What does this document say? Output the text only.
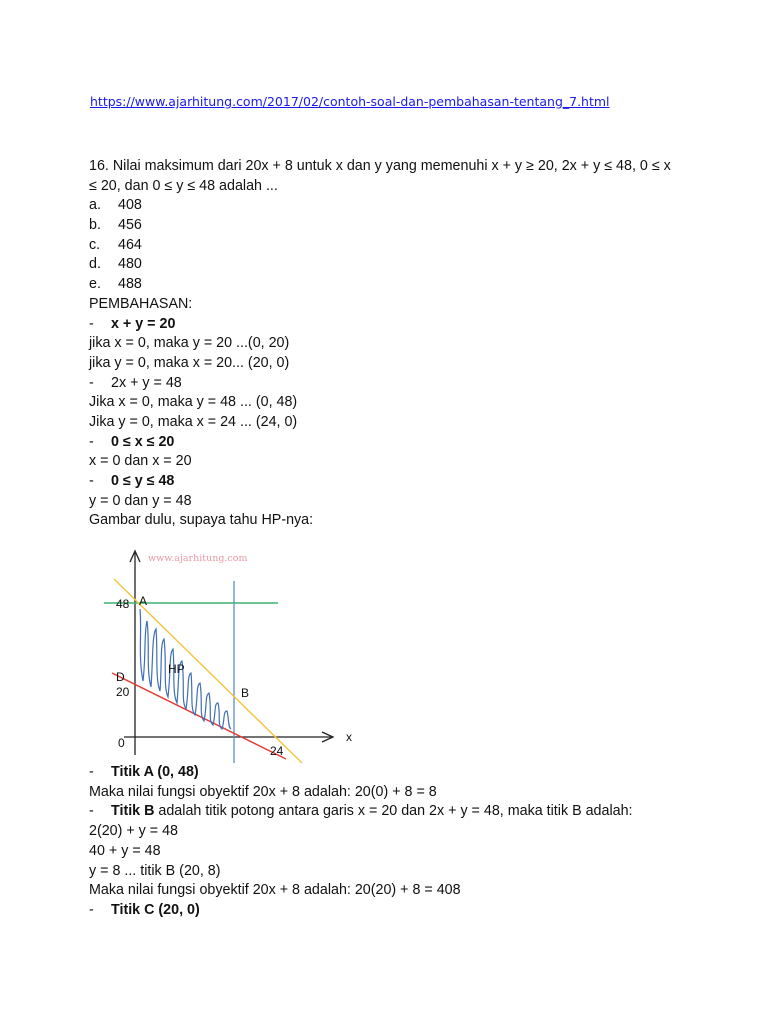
https://www.ajarhitung.com/2017/02/contoh-soal-dan-pembahasan-tentang_7.html
16. Nilai maksimum dari 20x + 8 untuk x dan y yang memenuhi x + y ≥ 20, 2x + y ≤ 48, 0 ≤ x
≤ 20, dan 0 ≤ y ≤ 48 adalah ...
a. 408
b. 456
c. 464
d. 480
e. 488
PEMBAHASAN:
- x + y = 20
jika x = 0, maka y = 20 ...(0, 20)
jika y = 0, maka x = 20... (20, 0)
- 2x + y = 48
Jika x = 0, maka y = 48 ... (0, 48)
Jika y = 0, maka x = 24 ... (24, 0)
- 0 ≤ x ≤ 20
x = 0 dan x = 20
- 0 ≤ y ≤ 48
y = 0 dan y = 48
Gambar dulu, supaya tahu HP-nya:
www.ajarhitung.com
48 A
D
20
HP
B
0
24
x
- Titik A (0, 48)
Maka nilai fungsi obyektif 20x + 8 adalah: 20(0) + 8 = 8
- Titik B adalah titik potong antara garis x = 20 dan 2x + y = 48, maka titik B adalah:
2(20) + y = 48
40 + y = 48
y = 8 ... titik B (20, 8)
Maka nilai fungsi obyektif 20x + 8 adalah: 20(20) + 8 = 408
- Titik C (20, 0)
